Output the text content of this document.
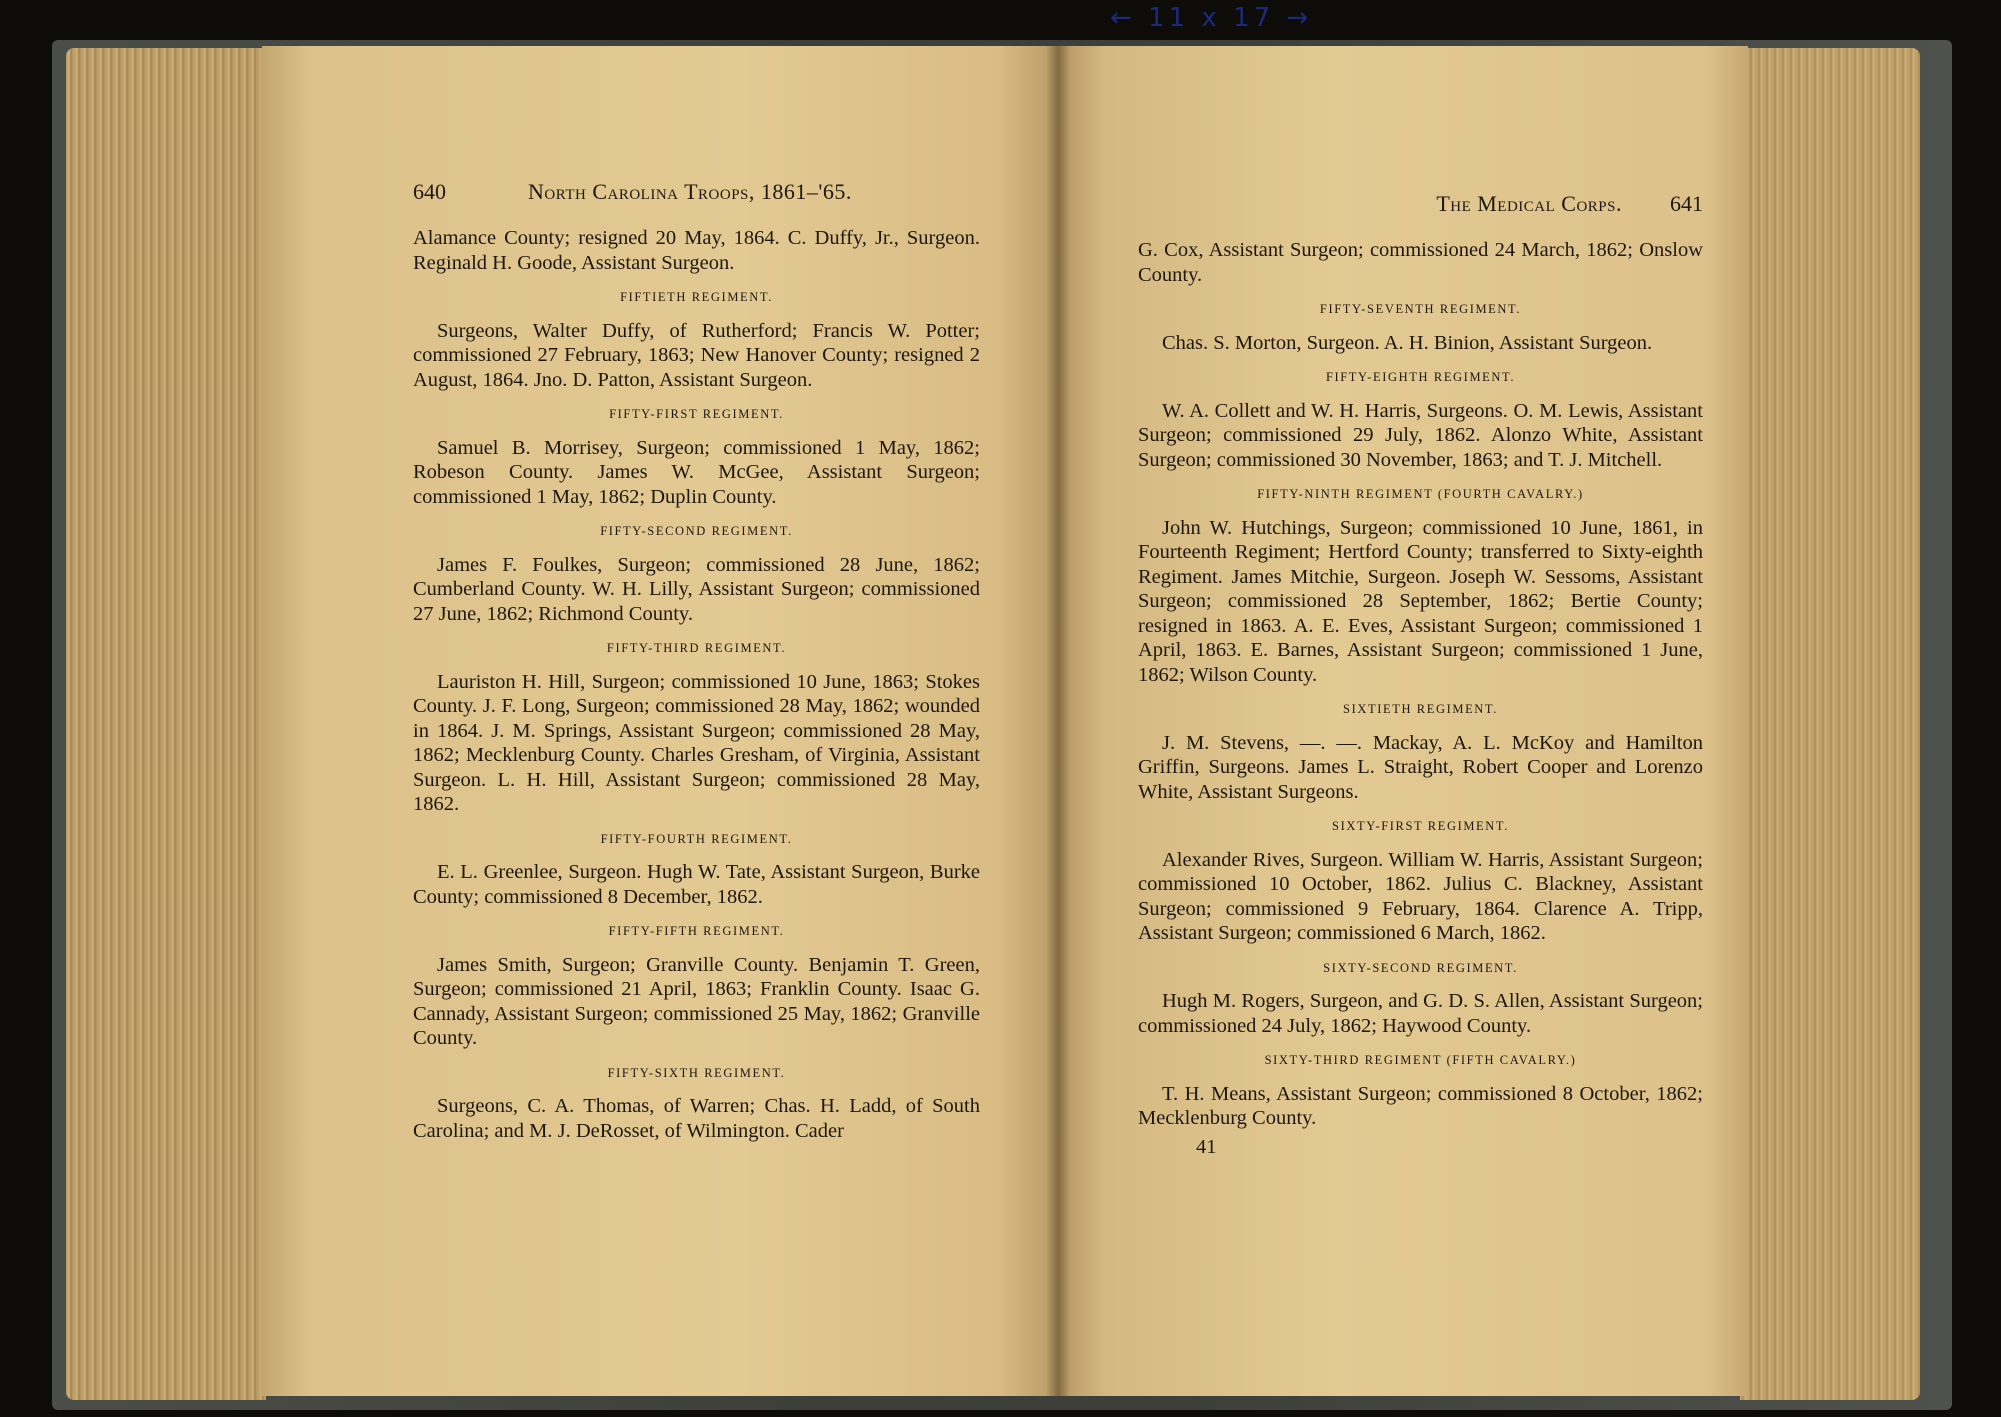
← 11 x 17 →
640	North Carolina Troops, 1861–'65.

Alamance County; resigned 20 May, 1864. C. Duffy, Jr., Surgeon. Reginald H. Goode, Assistant Surgeon.

FIFTIETH REGIMENT.

Surgeons, Walter Duffy, of Rutherford; Francis W. Potter; commissioned 27 February, 1863; New Hanover County; resigned 2 August, 1864. Jno. D. Patton, Assistant Surgeon.

FIFTY-FIRST REGIMENT.

Samuel B. Morrisey, Surgeon; commissioned 1 May, 1862; Robeson County. James W. McGee, Assistant Surgeon; commissioned 1 May, 1862; Duplin County.

FIFTY-SECOND REGIMENT.

James F. Foulkes, Surgeon; commissioned 28 June, 1862; Cumberland County. W. H. Lilly, Assistant Surgeon; commissioned 27 June, 1862; Richmond County.

FIFTY-THIRD REGIMENT.

Lauriston H. Hill, Surgeon; commissioned 10 June, 1863; Stokes County. J. F. Long, Surgeon; commissioned 28 May, 1862; wounded in 1864. J. M. Springs, Assistant Surgeon; commissioned 28 May, 1862; Mecklenburg County. Charles Gresham, of Virginia, Assistant Surgeon. L. H. Hill, Assistant Surgeon; commissioned 28 May, 1862.

FIFTY-FOURTH REGIMENT.

E. L. Greenlee, Surgeon. Hugh W. Tate, Assistant Surgeon, Burke County; commissioned 8 December, 1862.

FIFTY-FIFTH REGIMENT.

James Smith, Surgeon; Granville County. Benjamin T. Green, Surgeon; commissioned 21 April, 1863; Franklin County. Isaac G. Cannady, Assistant Surgeon; commissioned 25 May, 1862; Granville County.

FIFTY-SIXTH REGIMENT.

Surgeons, C. A. Thomas, of Warren; Chas. H. Ladd, of South Carolina; and M. J. DeRosset, of Wilmington. Cader

The Medical Corps.	641

G. Cox, Assistant Surgeon; commissioned 24 March, 1862; Onslow County.

FIFTY-SEVENTH REGIMENT.

Chas. S. Morton, Surgeon. A. H. Binion, Assistant Surgeon.

FIFTY-EIGHTH REGIMENT.

W. A. Collett and W. H. Harris, Surgeons. O. M. Lewis, Assistant Surgeon; commissioned 29 July, 1862. Alonzo White, Assistant Surgeon; commissioned 30 November, 1863; and T. J. Mitchell.

FIFTY-NINTH REGIMENT (FOURTH CAVALRY.)

John W. Hutchings, Surgeon; commissioned 10 June, 1861, in Fourteenth Regiment; Hertford County; transferred to Sixty-eighth Regiment. James Mitchie, Surgeon. Joseph W. Sessoms, Assistant Surgeon; commissioned 28 September, 1862; Bertie County; resigned in 1863. A. E. Eves, Assistant Surgeon; commissioned 1 April, 1863. E. Barnes, Assistant Surgeon; commissioned 1 June, 1862; Wilson County.

SIXTIETH REGIMENT.

J. M. Stevens, —. —. Mackay, A. L. McKoy and Hamilton Griffin, Surgeons. James L. Straight, Robert Cooper and Lorenzo White, Assistant Surgeons.

SIXTY-FIRST REGIMENT.

Alexander Rives, Surgeon. William W. Harris, Assistant Surgeon; commissioned 10 October, 1862. Julius C. Blackney, Assistant Surgeon; commissioned 9 February, 1864. Clarence A. Tripp, Assistant Surgeon; commissioned 6 March, 1862.

SIXTY-SECOND REGIMENT.

Hugh M. Rogers, Surgeon, and G. D. S. Allen, Assistant Surgeon; commissioned 24 July, 1862; Haywood County.

SIXTY-THIRD REGIMENT (FIFTH CAVALRY.)

T. H. Means, Assistant Surgeon; commissioned 8 October, 1862; Mecklenburg County.

41
